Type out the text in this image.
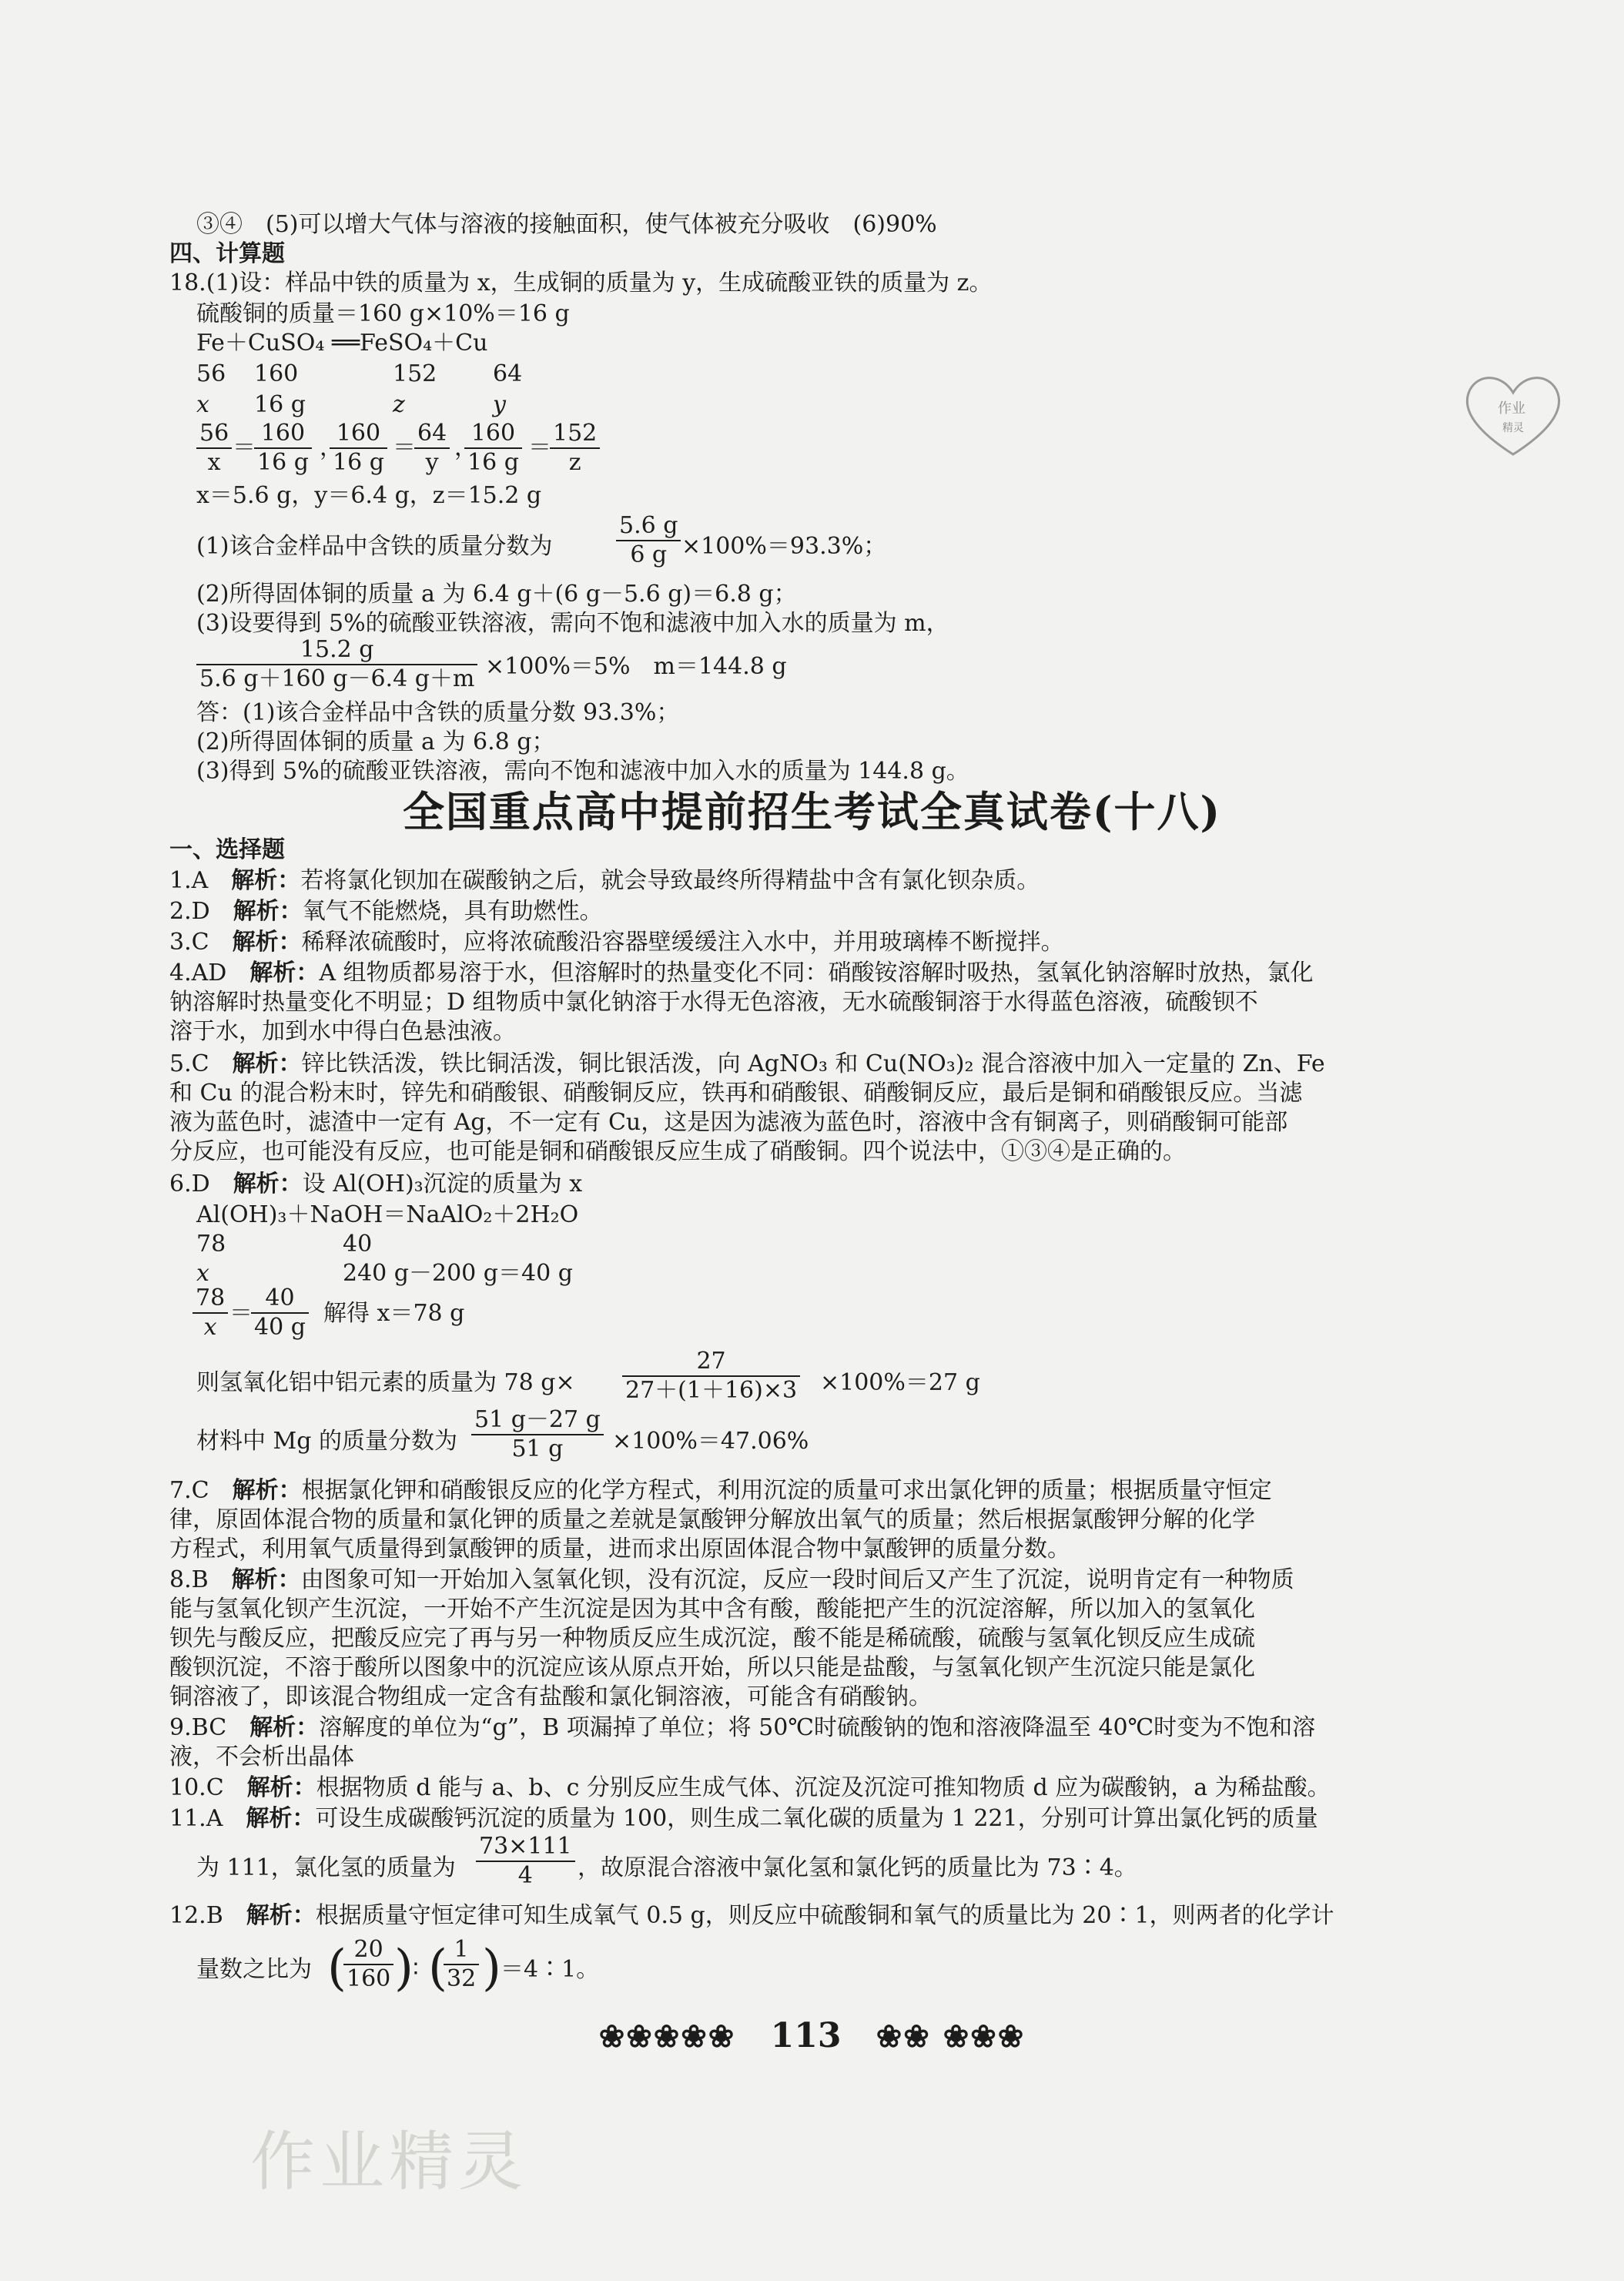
③④　(5)可以增大气体与溶液的接触面积，使气体被充分吸收　(6)90%
四、计算题
18.(1)设：样品中铁的质量为 x，生成铜的质量为 y，生成硫酸亚铁的质量为 z。
硫酸铜的质量＝160 g×10%＝16 g
Fe＋CuSO₄ ══FeSO₄＋Cu
56 160	152 64
x 16 g	z	y
$\frac{56}{x}$ ＝
$\frac{160}{16 g}$ ，
$\frac{160}{16 g}$ ＝
$\frac{64}{y}$ ，
$\frac{160}{16 g}$ ＝
$\frac{152}{z}$
x＝5.6 g，y＝6.4 g，z＝15.2 g
(1)该合金样品中含铁的质量分数为	$\frac{5.6 g}{6 g} \times 100\%=93.3\%$；
(2)所得固体铜的质量 a 为 6.4 g＋(6 g－5.6 g)＝6.8 g；
(3)设要得到 5%的硫酸亚铁溶液，需向不饱和滤液中加入水的质量为 m，
$\frac{15.2 g}{5.6 g+160 g-6.4 g+m} \times 100\%=5\%$　m＝144.8 g
答：(1)该合金样品中含铁的质量分数 93.3%；
(2)所得固体铜的质量 a 为 6.8 g；
(3)得到 5%的硫酸亚铁溶液，需向不饱和滤液中加入水的质量为 144.8 g。
作业
精灵
全国重点高中提前招生考试全真试卷(十八)
一、选择题
1.A　 解析：若将氯化钡加在碳酸钠之后，就会导致最终所得精盐中含有氯化钡杂质。
2.D　 解析：氧气不能燃烧，具有助燃性。
3.C　 解析：稀释浓硫酸时，应将浓硫酸沿容器壁缓缓注入水中，并用玻璃棒不断搅拌。
4.AD　 解析：A 组物质都易溶于水，但溶解时的热量变化不同：硝酸铵溶解时吸热，氢氧化钠溶解时放热，氯化
钠溶解时热量变化不明显；D 组物质中氯化钠溶于水得无色溶液，无水硫酸铜溶于水得蓝色溶液，硫酸钡不
溶于水，加到水中得白色悬浊液。
5.C　 解析：锌比铁活泼，铁比铜活泼，铜比银活泼，向 AgNO₃ 和 Cu(NO₃)₂ 混合溶液中加入一定量的 Zn、Fe
和 Cu 的混合粉末时，锌先和硝酸银、硝酸铜反应，铁再和硝酸银、硝酸铜反应，最后是铜和硝酸银反应。当滤
液为蓝色时，滤渣中一定有 Ag，不一定有 Cu，这是因为滤液为蓝色时，溶液中含有铜离子，则硝酸铜可能部
分反应，也可能没有反应，也可能是铜和硝酸银反应生成了硝酸铜。四个说法中，①③④是正确的。
6.D　 解析：设 Al(OH)₃沉淀的质量为 x
Al(OH)₃＋NaOH＝NaAlO₂＋2H₂O
78	40
x	240 g－200 g＝40 g
$\frac{78}{x}$ ＝
$\frac{40}{40 g}$ 解得 x＝78 g
则氢氧化铝中铝元素的质量为 78 $g\times \frac{27}{27+(1+16)\times 3} \times 100\%=27$ g
材料中 Mg 的质量分数为 $\frac{51 g-27 g}{51 g} \times 100\%=47.06\%$
7.C　 解析：根据氯化钾和硝酸银反应的化学方程式，利用沉淀的质量可求出氯化钾的质量；根据质量守恒定
律，原固体混合物的质量和氯化钾的质量之差就是氯酸钾分解放出氧气的质量；然后根据氯酸钾分解的化学
方程式，利用氧气质量得到氯酸钾的质量，进而求出原固体混合物中氯酸钾的质量分数。
8.B　 解析：由图象可知一开始加入氢氧化钡，没有沉淀，反应一段时间后又产生了沉淀，说明肯定有一种物质
能与氢氧化钡产生沉淀，一开始不产生沉淀是因为其中含有酸，酸能把产生的沉淀溶解，所以加入的氢氧化
钡先与酸反应，把酸反应完了再与另一种物质反应生成沉淀，酸不能是稀硫酸，硫酸与氢氧化钡反应生成硫
酸钡沉淀，不溶于酸所以图象中的沉淀应该从原点开始，所以只能是盐酸，与氢氧化钡产生沉淀只能是氯化
铜溶液了，即该混合物组成一定含有盐酸和氯化铜溶液，可能含有硝酸钠。
9.BC　 解析：溶解度的单位为“g”，B 项漏掉了单位；将 50℃时硫酸钠的饱和溶液降温至 40℃时变为不饱和溶
液，不会析出晶体
10.C　 解析：根据物质 d 能与 a、b、c 分别反应生成气体、沉淀及沉淀可推知物质 d 应为碳酸钠，a 为稀盐酸。
11.A　 解析：可设生成碳酸钙沉淀的质量为 100，则生成二氧化碳的质量为 1 221，分别可计算出氯化钙的质量
为 111，氯化氢的质量为 $\frac{73\times 111}{4}$ ，故原混合溶液中氯化氢和氯化钙的质量比为 73∶4。
12.B　 解析：根据质量守恒定律可知生成氧气 0.5 g，则反应中硫酸铜和氧气的质量比为 20∶1，则两者的化学计
量数之比为 (
$\frac{20}{160}$ ) ∶ (
$\frac{1}{32}$ ) ＝4∶1。
❀❀❀❀❀ 113 ❀❀ ❀❀❀
作业精灵
